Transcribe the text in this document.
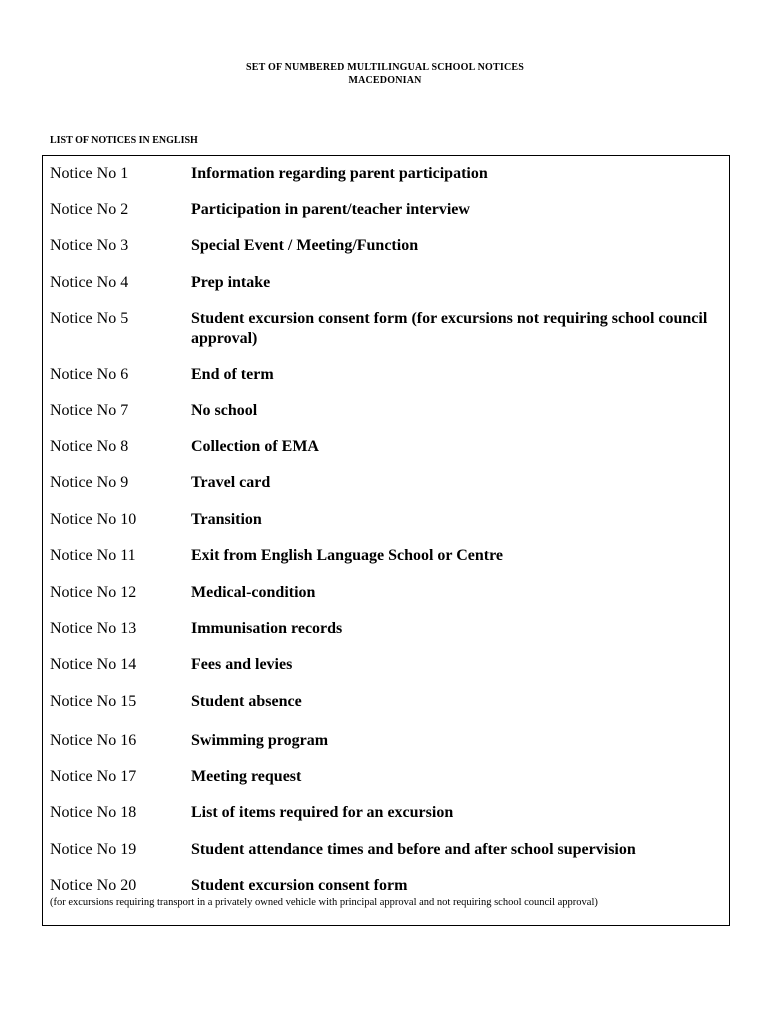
SET OF NUMBERED MULTILINGUAL SCHOOL NOTICES
MACEDONIAN
LIST OF NOTICES IN ENGLISH
Notice No 1	Information regarding parent participation
Notice No 2	Participation in parent/teacher interview
Notice No 3	Special Event / Meeting/Function
Notice No 4	Prep intake
Notice No 5	Student excursion consent form (for excursions not requiring school council approval)
Notice No 6	End of term
Notice No 7	No school
Notice No 8	Collection of EMA
Notice No 9	Travel card
Notice No 10	Transition
Notice No 11	Exit from English Language School or Centre
Notice No 12	Medical-condition
Notice No 13	Immunisation records
Notice No 14	Fees and levies
Notice No 15	Student absence
Notice No 16	Swimming program
Notice No 17	Meeting request
Notice No 18	List of items required for an excursion
Notice No 19	Student attendance times and before and after school supervision
Notice No 20	Student excursion consent form
(for excursions requiring transport in a privately owned vehicle with principal approval and not requiring school council approval)
